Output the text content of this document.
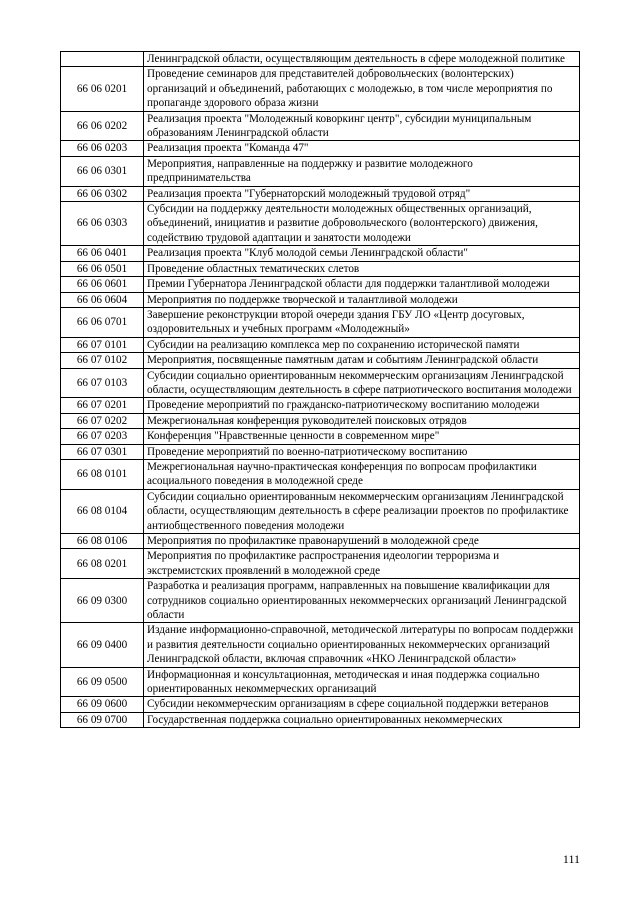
	Ленинградской области, осуществляющим деятельность в сфере молодежной политике
66 06 0201	Проведение семинаров для представителей добровольческих (волонтерских) организаций и объединений, работающих с молодежью, в том числе мероприятия по пропаганде здорового образа жизни
66 06 0202	Реализация проекта "Молодежный коворкинг центр", субсидии муниципальным образованиям Ленинградской области
66 06 0203	Реализация проекта "Команда 47"
66 06 0301	Мероприятия, направленные на поддержку и развитие молодежного предпринимательства
66 06 0302	Реализация проекта "Губернаторский молодежный трудовой отряд"
66 06 0303	Субсидии на поддержку деятельности молодежных общественных организаций, объединений, инициатив и развитие добровольческого (волонтерского) движения, содействию трудовой адаптации и занятости молодежи
66 06 0401	Реализация проекта "Клуб молодой семьи Ленинградской области"
66 06 0501	Проведение областных тематических слетов
66 06 0601	Премии Губернатора Ленинградской области для поддержки талантливой молодежи
66 06 0604	Мероприятия по поддержке творческой и талантливой молодежи
66 06 0701	Завершение реконструкции второй очереди здания ГБУ ЛО «Центр досуговых, оздоровительных и учебных программ «Молодежный»
66 07 0101	Субсидии на реализацию комплекса мер по сохранению исторической памяти
66 07 0102	Мероприятия, посвященные памятным датам и событиям Ленинградской области
66 07 0103	Субсидии социально ориентированным некоммерческим организациям Ленинградской области, осуществляющим деятельность в сфере патриотического воспитания молодежи
66 07 0201	Проведение мероприятий по гражданско-патриотическому воспитанию молодежи
66 07 0202	Межрегиональная конференция руководителей поисковых отрядов
66 07 0203	Конференция "Нравственные ценности в современном мире"
66 07 0301	Проведение мероприятий по военно-патриотическому воспитанию
66 08 0101	Межрегиональная научно-практическая конференция по вопросам профилактики асоциального поведения в молодежной среде
66 08 0104	Субсидии социально ориентированным некоммерческим организациям Ленинградской области, осуществляющим деятельность в сфере реализации проектов по профилактике антиобщественного поведения молодежи
66 08 0106	Мероприятия по профилактике правонарушений в молодежной среде
66 08 0201	Мероприятия по профилактике распространения идеологии терроризма и экстремистских проявлений в молодежной среде
66 09 0300	Разработка и реализация программ, направленных на повышение квалификации для сотрудников социально ориентированных некоммерческих организаций Ленинградской области
66 09 0400	Издание информационно-справочной, методической литературы по вопросам поддержки и развития деятельности социально ориентированных некоммерческих организаций Ленинградской области, включая справочник «НКО Ленинградской области»
66 09 0500	Информационная и консультационная, методическая и иная поддержка социально ориентированных некоммерческих организаций
66 09 0600	Субсидии некоммерческим организациям в сфере социальной поддержки ветеранов
66 09 0700	Государственная поддержка социально ориентированных некоммерческих
111
